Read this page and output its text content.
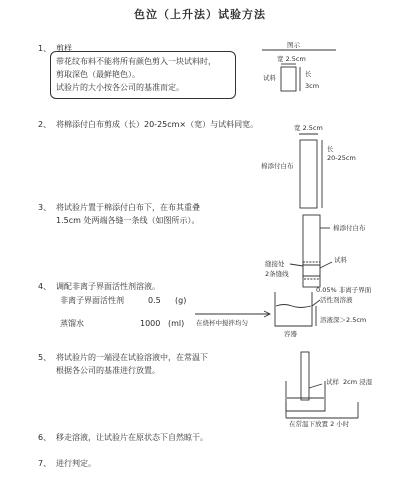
色泣（上升法）试验方法
1、 剪样
带花纹布料不能将所有颜色剪入一块试料时，
剪取深色（最鲜艳色）。
试验片的大小按各公司的基准而定。
2、 将棉添付白布剪成（长）20-25cm×（宽）与试料同宽。
3、 将试验片置于棉添付白布下，在布其重叠
1.5cm 处两端各缝一条线（如图所示）。
4、 调配非离子界面活性剂溶液。
非离子界面活性剂	0.5 (g)
蒸馏水	1000 (ml) 在烧杯中搅拌均匀
5、 将试验片的一端浸在试验溶液中，在常温下
根据各公司的基准进行放置。
6、 移走溶液，让试验片在原状态下自然晾干。
7、 进行判定。
图示
宽 2.5cm
试料	长
3cm
宽 2.5cm
长
20-25cm
棉添付白布
棉添付白布
缝接处
2条缝线
试料
0.05% 非离子界面
活性剂溶液
溶液深＞2.5cm
容器
试样 2cm 浸湿
在常温下放置 2 小时
